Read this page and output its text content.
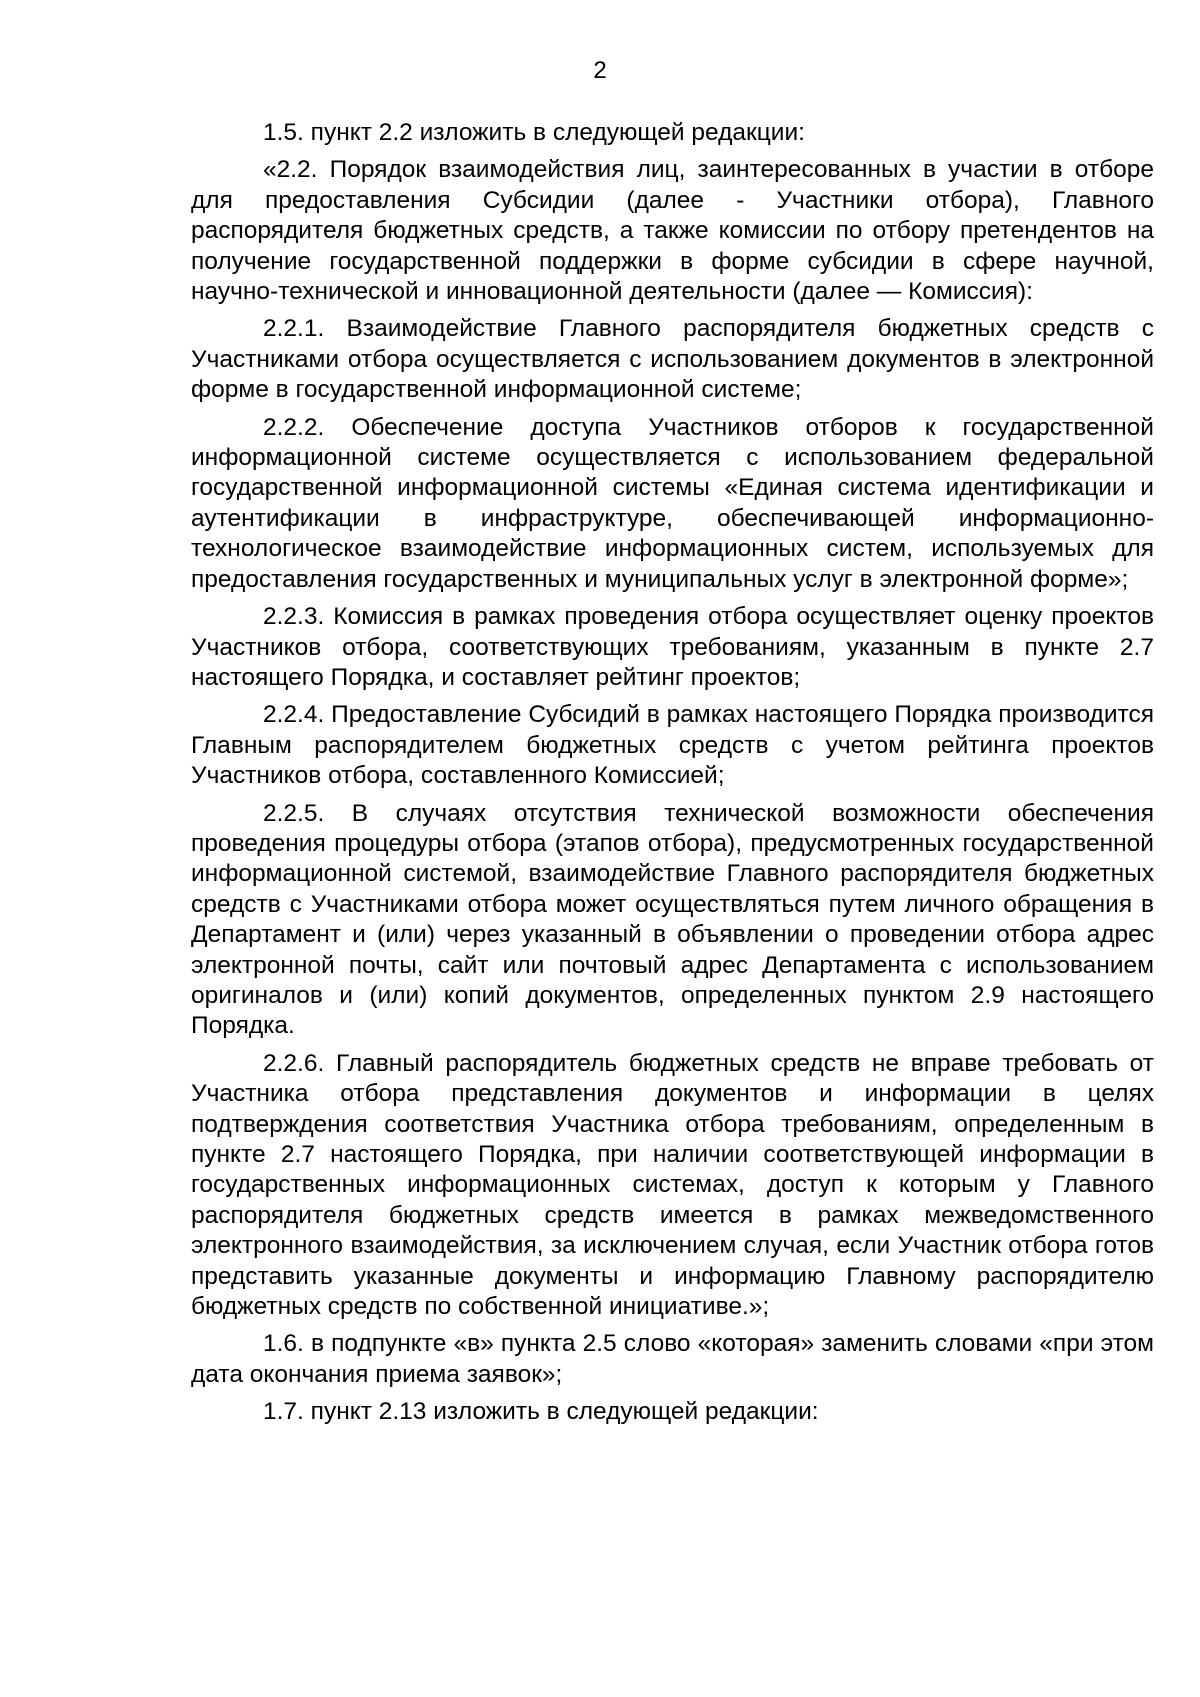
2

1.5. пункт 2.2 изложить в следующей редакции:

«2.2. Порядок взаимодействия лиц, заинтересованных в участии в отборе для предоставления Субсидии (далее - Участники отбора), Главного распорядителя бюджетных средств, а также комиссии по отбору претендентов на получение государственной поддержки в форме субсидии в сфере научной, научно-технической и инновационной деятельности (далее — Комиссия):

2.2.1. Взаимодействие Главного распорядителя бюджетных средств с Участниками отбора осуществляется с использованием документов в электронной форме в государственной информационной системе;

2.2.2. Обеспечение доступа Участников отборов к государственной информационной системе осуществляется с использованием федеральной государственной информационной системы «Единая система идентификации и аутентификации в инфраструктуре, обеспечивающей информационно-технологическое взаимодействие информационных систем, используемых для предоставления государственных и муниципальных услуг в электронной форме»;

2.2.3. Комиссия в рамках проведения отбора осуществляет оценку проектов Участников отбора, соответствующих требованиям, указанным в пункте 2.7 настоящего Порядка, и составляет рейтинг проектов;

2.2.4. Предоставление Субсидий в рамках настоящего Порядка производится Главным распорядителем бюджетных средств с учетом рейтинга проектов Участников отбора, составленного Комиссией;

2.2.5. В случаях отсутствия технической возможности обеспечения проведения процедуры отбора (этапов отбора), предусмотренных государственной информационной системой, взаимодействие Главного распорядителя бюджетных средств с Участниками отбора может осуществляться путем личного обращения в Департамент и (или) через указанный в объявлении о проведении отбора адрес электронной почты, сайт или почтовый адрес Департамента с использованием оригиналов и (или) копий документов, определенных пунктом 2.9 настоящего Порядка.

2.2.6. Главный распорядитель бюджетных средств не вправе требовать от Участника отбора представления документов и информации в целях подтверждения соответствия Участника отбора требованиям, определенным в пункте 2.7 настоящего Порядка, при наличии соответствующей информации в государственных информационных системах, доступ к которым у Главного распорядителя бюджетных средств имеется в рамках межведомственного электронного взаимодействия, за исключением случая, если Участник отбора готов представить указанные документы и информацию Главному распорядителю бюджетных средств по собственной инициативе.»;

1.6. в подпункте «в» пункта 2.5 слово «которая» заменить словами «при этом дата окончания приема заявок»;

1.7. пункт 2.13 изложить в следующей редакции:
